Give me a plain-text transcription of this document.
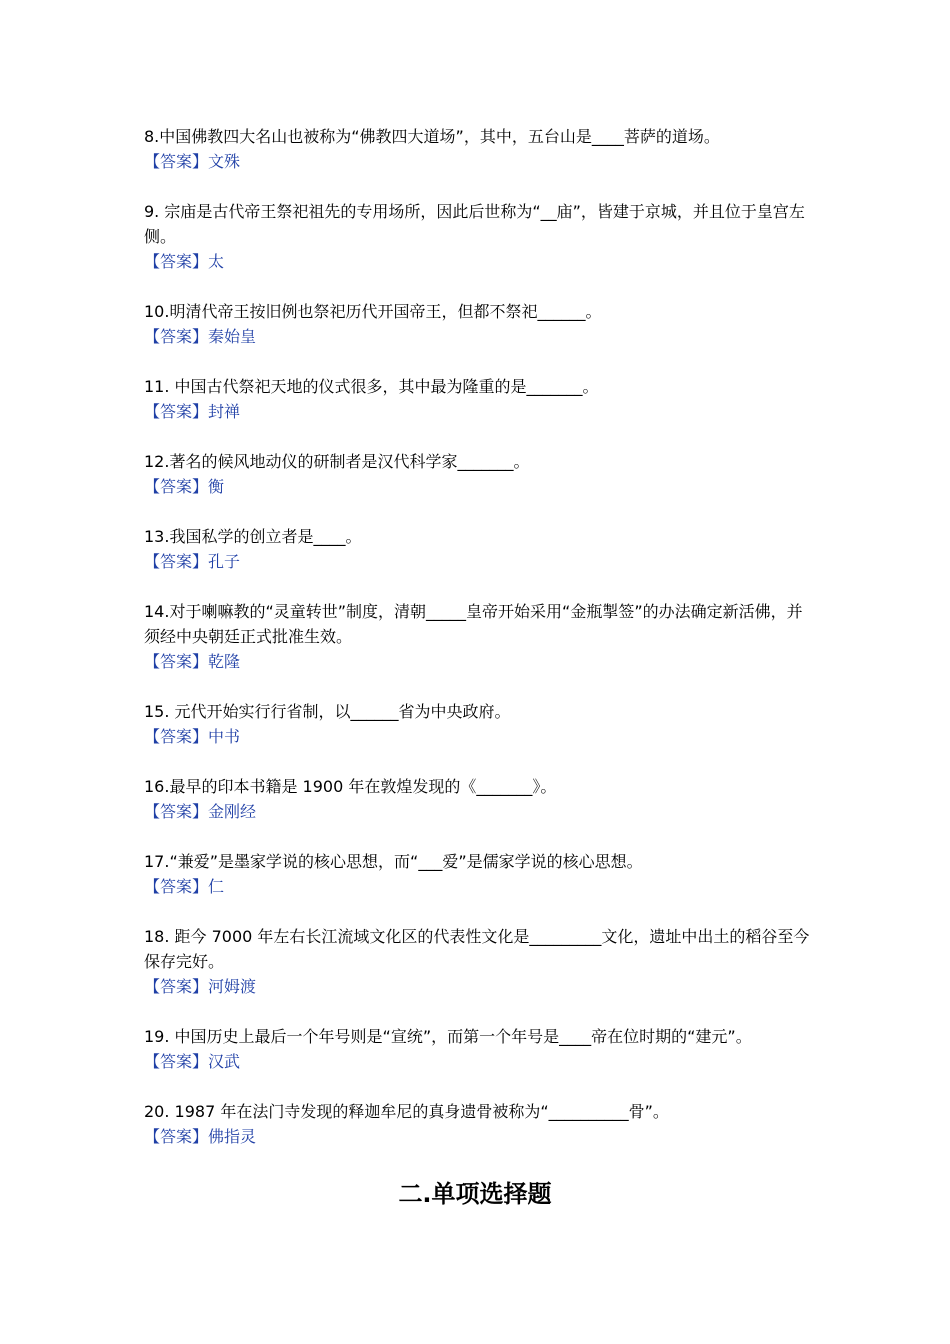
8.中国佛教四大名山也被称为“佛教四大道场”，其中，五台山是____菩萨的道场。

【答案】文殊

9. 宗庙是古代帝王祭祀祖先的专用场所，因此后世称为“__庙”，皆建于京城，并且位于皇宫左侧。

【答案】太

10.明清代帝王按旧例也祭祀历代开国帝王，但都不祭祀______。

【答案】秦始皇

11. 中国古代祭祀天地的仪式很多，其中最为隆重的是_______。

【答案】封禅

12.著名的候风地动仪的研制者是汉代科学家_______。

【答案】衡

13.我国私学的创立者是____。

【答案】孔子

14.对于喇嘛教的“灵童转世”制度，清朝_____皇帝开始采用“金瓶掣签”的办法确定新活佛，并须经中央朝廷正式批准生效。

【答案】乾隆

15. 元代开始实行行省制，以______省为中央政府。

【答案】中书

16.最早的印本书籍是 1900 年在敦煌发现的《_______》。

【答案】金刚经

17.“兼爱”是墨家学说的核心思想，而“___爱”是儒家学说的核心思想。

【答案】仁

18. 距今 7000 年左右长江流域文化区的代表性文化是_________文化，遗址中出土的稻谷至今保存完好。

【答案】河姆渡

19. 中国历史上最后一个年号则是“宣统”，而第一个年号是____帝在位时期的“建元”。

【答案】汉武

20. 1987 年在法门寺发现的释迦牟尼的真身遗骨被称为“__________骨”。

【答案】佛指灵

二.单项选择题
